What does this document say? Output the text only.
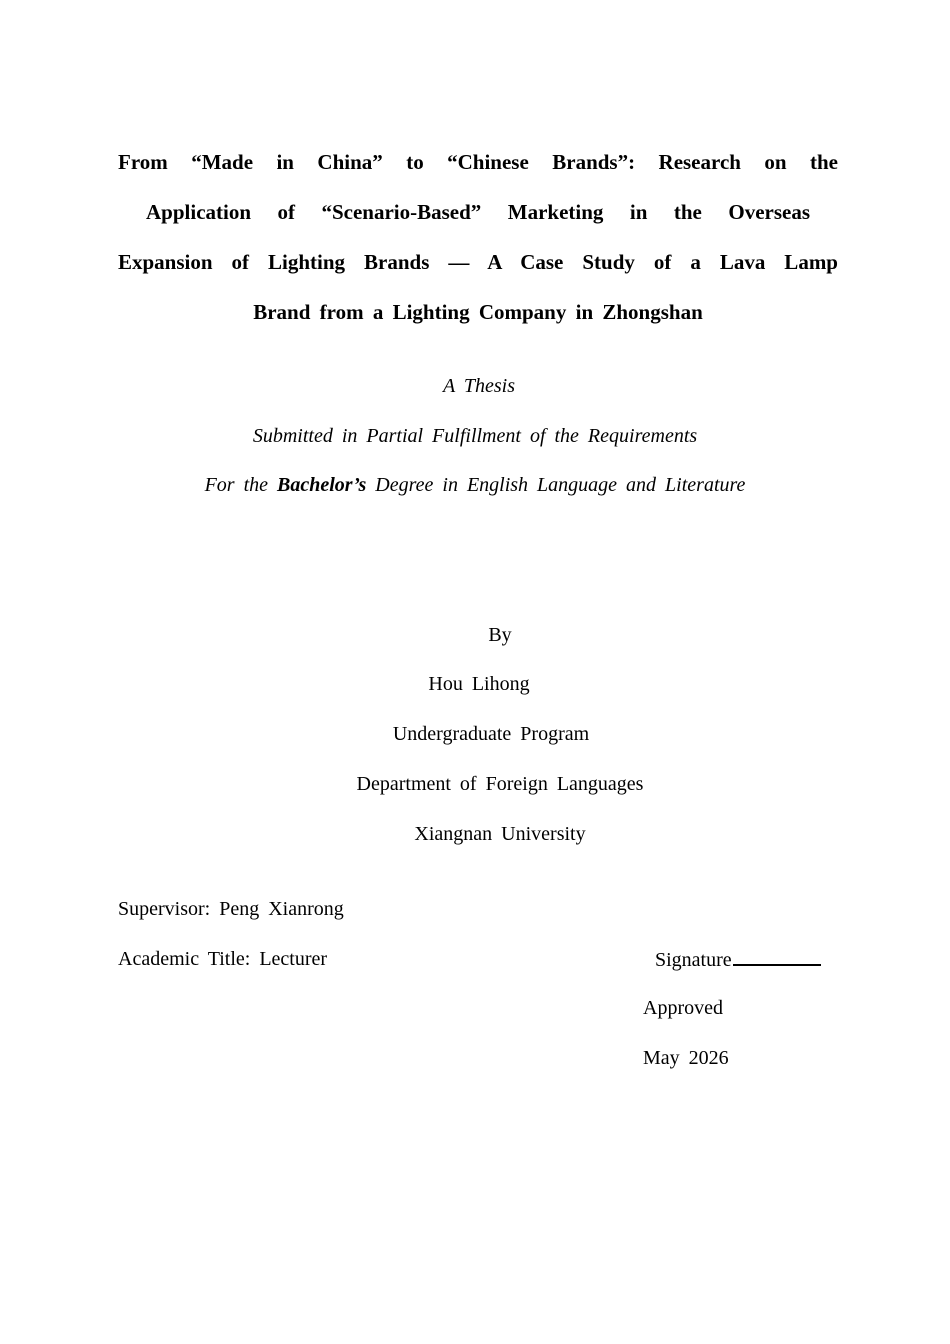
From “Made in China” to “Chinese Brands”: Research on the
Application of “Scenario-Based” Marketing in the Overseas
Expansion of Lighting Brands — A Case Study of a Lava Lamp
Brand from a Lighting Company in Zhongshan
A Thesis
Submitted in Partial Fulfillment of the Requirements
For the Bachelor’s Degree in English Language and Literature
By
Hou Lihong
Undergraduate Program
Department of Foreign Languages
Xiangnan University
Supervisor: Peng Xianrong
Academic Title: Lecturer	Signature
Approved
May 2026
